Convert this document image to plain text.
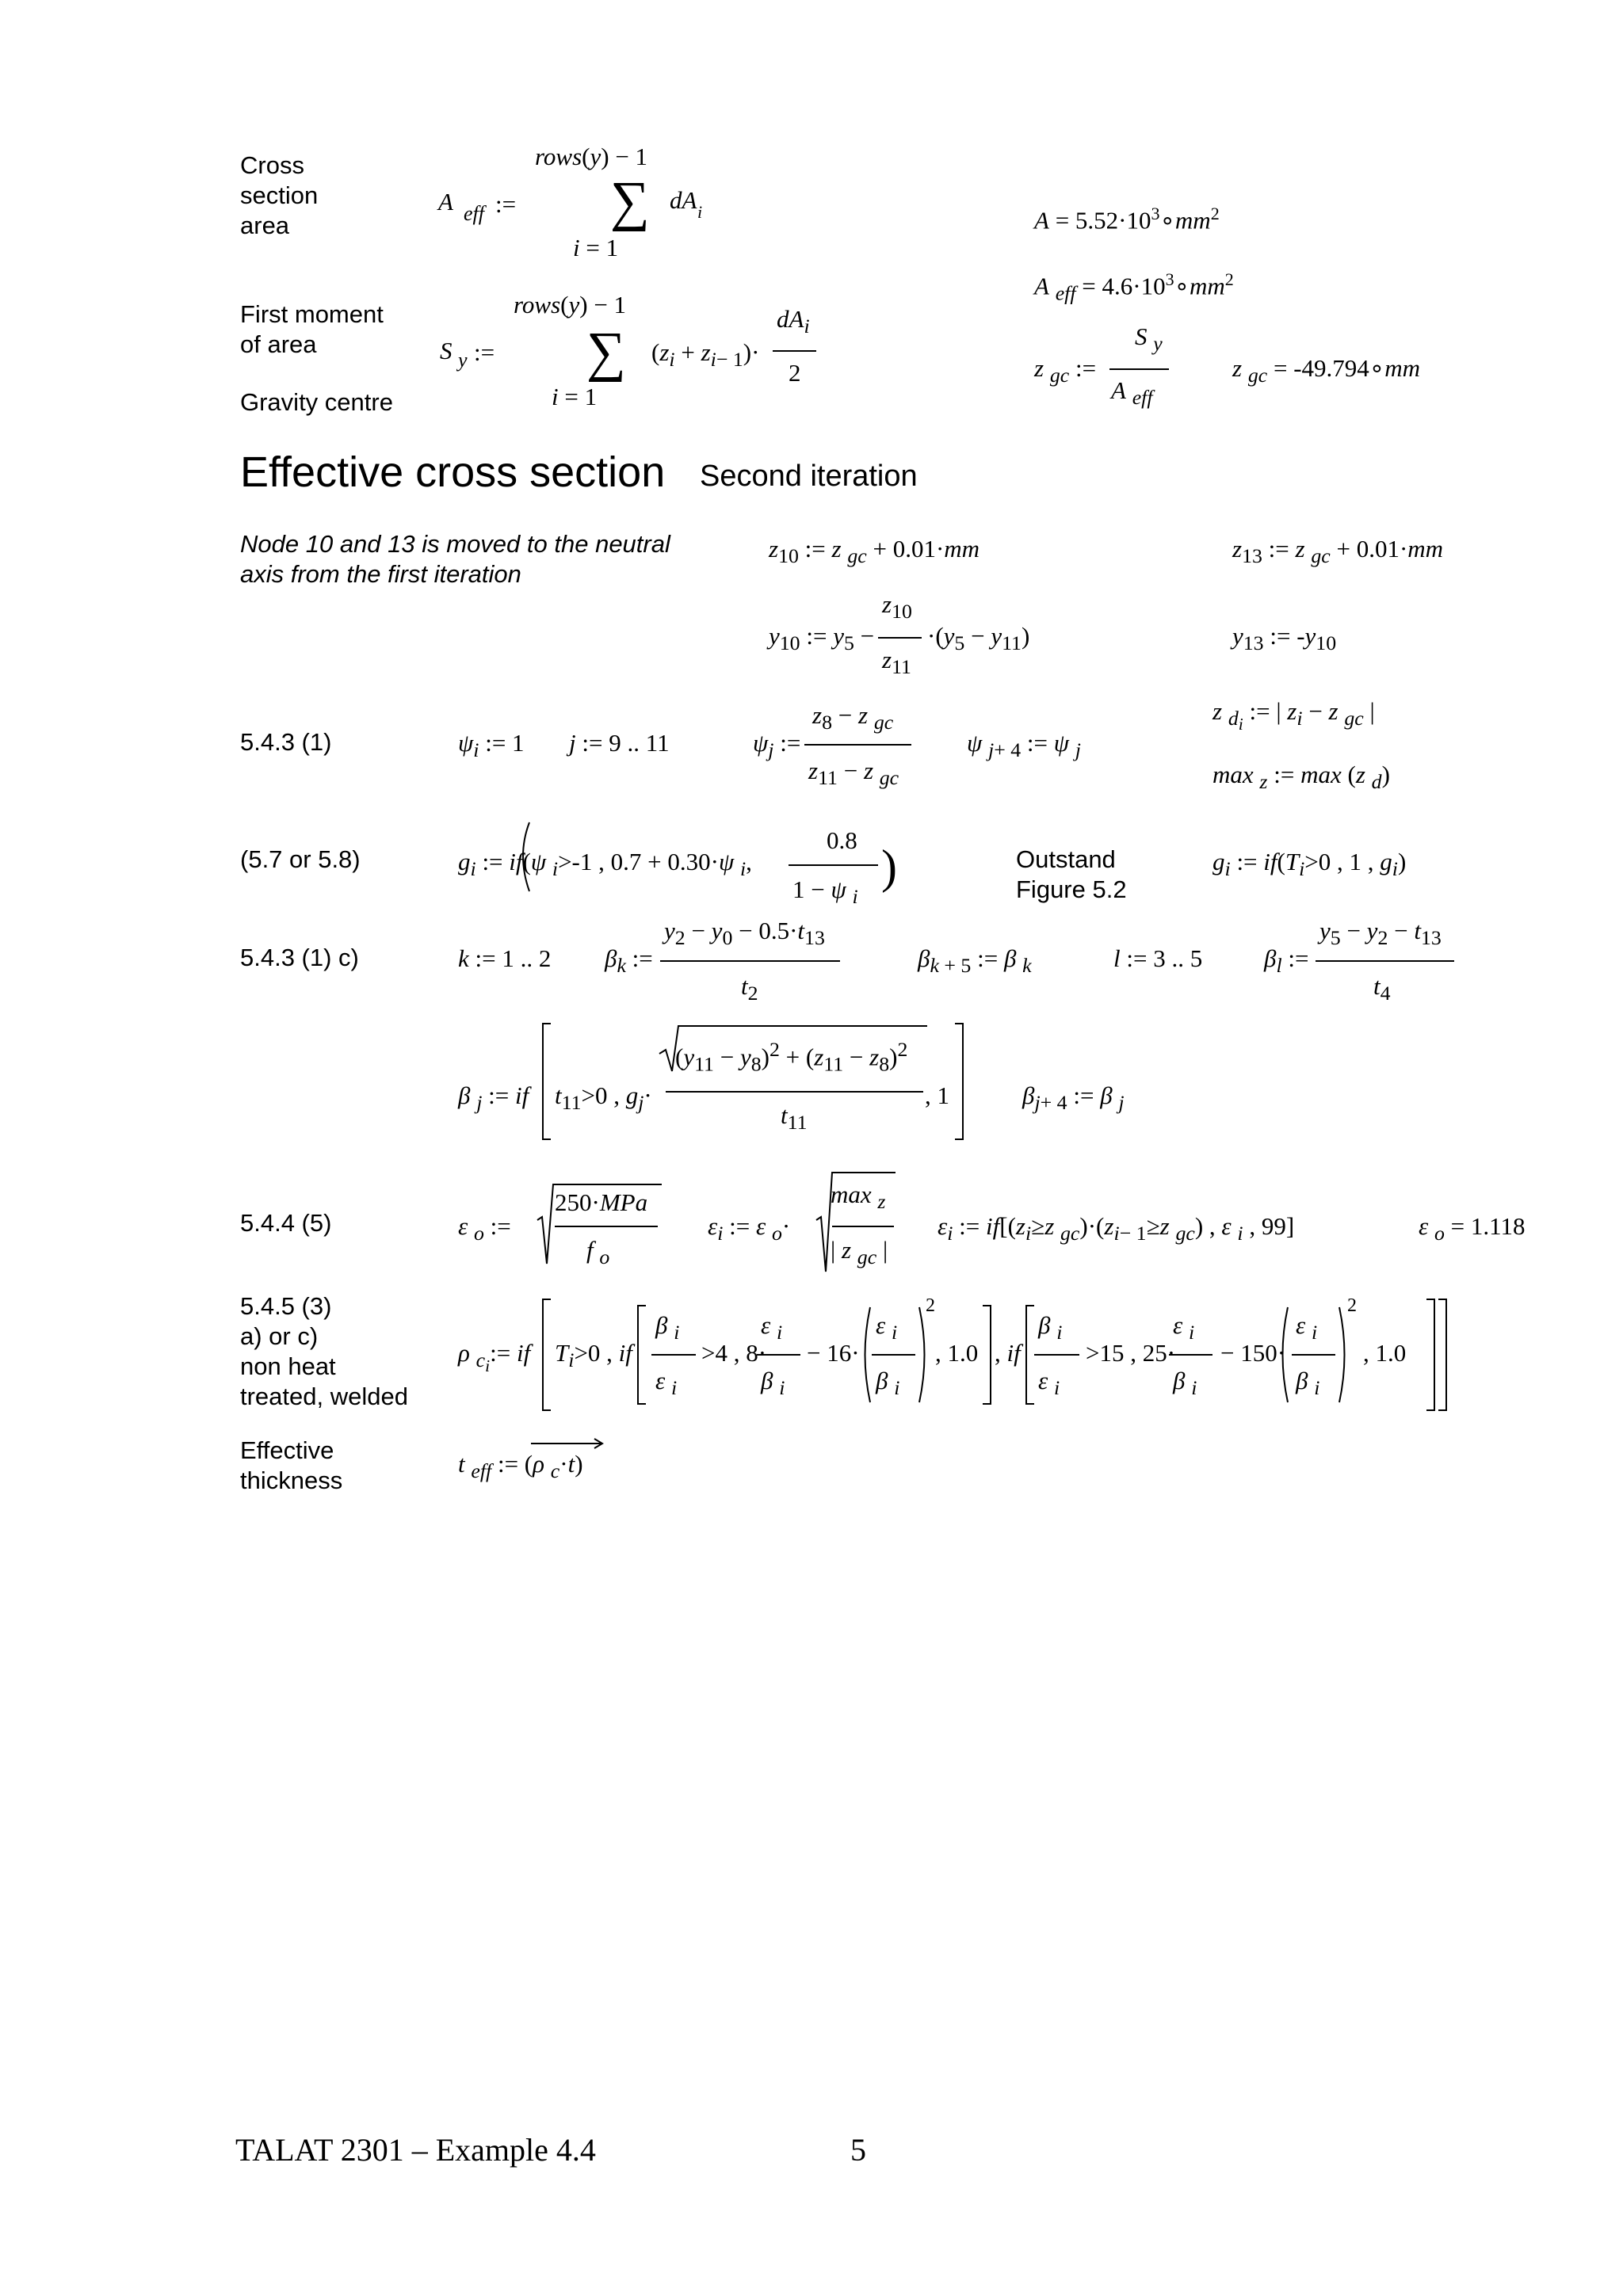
Cross
section
area
First moment
of area
Gravity centre
rows(y) − 1
A eff := ∑ dA i
i = 1
rows(y) − 1
S y := ∑ $(z_i + z_{i- 1})\cdot$
$dA_i$
2
i = 1
$A = 5.52\cdot 10^3\circ mm^2$
A $_{eff} = 4.6\cdot 10^3\circ mm^2$
z $_{gc}$ :=
S $_y$
A $_{eff}$
z $_{gc}$ = -49.794∘mm
Effective cross section Second iteration
Node 10 and 13 is moved to the neutral
axis from the first iteration
$z_{10}$ := z $_{gc}$ + 0.01·mm	$z_{13}$ := z $_{gc}$ + 0.01·mm
$y_{10}$ := $y_5$ −
$z_{10}$
$z_{11}$
$\cdot(y_5 - y_{11})$	$y_{13}$ := $-y_{10}$
5.4.3 (1)	$\psi_i$ := 1 j := 9 .. 11	$\psi_j$ :=
$z_8 - z$ $_{gc}$
$z_{11} - z$ $_{gc}$
ψ $_{j+ 4}$ := ψ $_j$
z $_{d_i}$ := | $z_i - z$ $_{gc}$ |
max $_z$ := max (z $_d$)
(5.7 or 5.8)	$g_i$ := if(ψ $_i$>-1 , 0.7 + 0.30·ψ $_i$,
0.8
1 − ψ $_i$
)	Outstand
Figure 5.2
$g_i$ := $if(T_i>0$ , 1 , $g_i$)
5.4.3 (1) c)	k := 1 .. 2 $\beta_k$ :=
$y_2 - y_0 - 0.5\cdot t_{13}$
$t_2$
$\beta_{k + 5}$ := β $_k$	l := 3 .. 5	$\beta_l$ :=
$y_5 - y_2 - t_{13}$
$t_4$
β $_j$ := if $t_{11}>0$ , $g_j\cdot$
$(y_{11} - y_8)^2 + (z_{11} - z_8)^2$
$t_{11}$
, 1	$\beta_{j+ 4}$ := β $_j$
5.4.4 (5)	ε $_o$ :=
250·MPa
f $_o$
$\varepsilon_i$ := ε $_o$·
max $_z$
| z $_{gc}$ |
$\varepsilon_i$ := $if[(z_i\ge z$ $_{gc})\cdot(z_{i- 1}\ge z$ $_{gc}$) , ε $_i$ , 99]	ε $_o$ = 1.118
5.4.5 (3)
a) or c)
non heat
treated, welded
ρ $_{c_i}$:= if $T_i>0$ , if
β $_i$
ε $_i$
>4 , 8·
ε $_i$
β $_i$
− 16·
ε $_i$
β $_i$
2
, 1.0 , if
β $_i$
ε $_i$
>15 , 25·
ε $_i$
β $_i$
− 150·
ε $_i$
β $_i$
2
, 1.0
Effective
thickness
t $_{eff}$ := (ρ $_c$·t)
TALAT 2301 – Example 4.4	5
